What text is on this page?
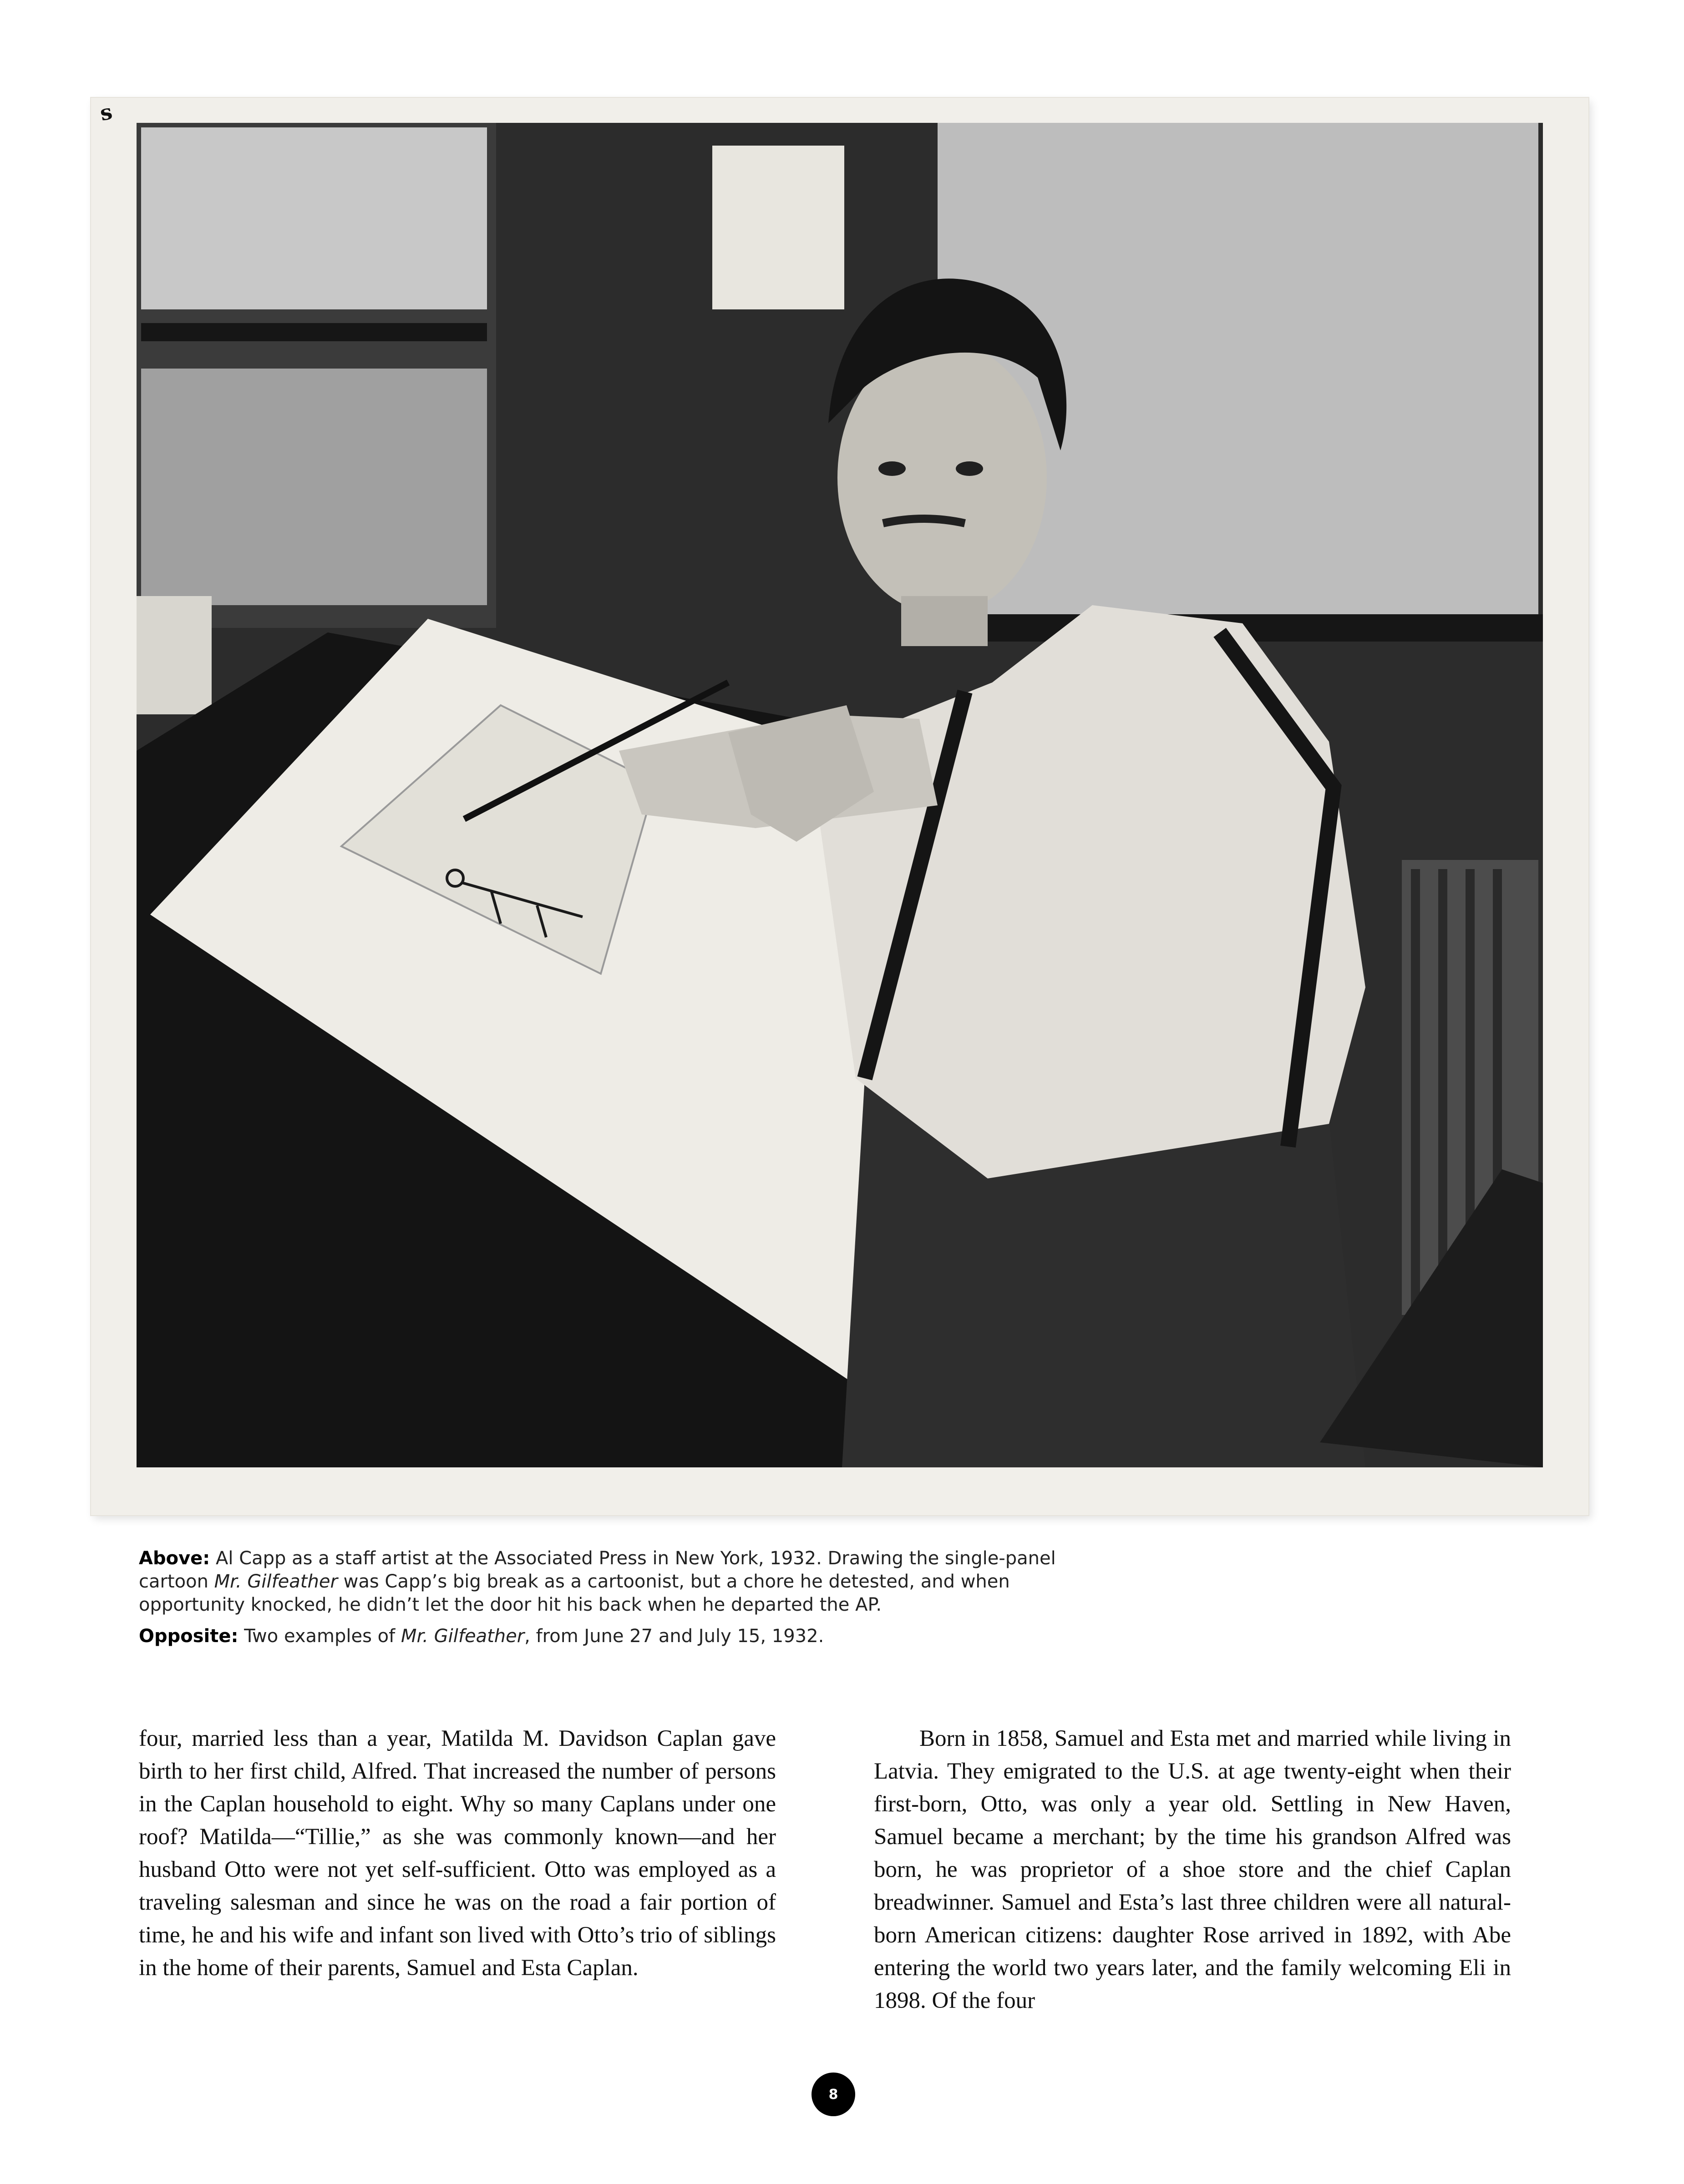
s

Above: Al Capp as a staff artist at the Associated Press in New York, 1932. Drawing the single-panel cartoon Mr. Gilfeather was Capp’s big break as a cartoonist, but a chore he detested, and when opportunity knocked, he didn’t let the door hit his back when he departed the AP.

Opposite: Two examples of Mr. Gilfeather, from June 27 and July 15, 1932.

four, married less than a year, Matilda M. Davidson Caplan gave birth to her first child, Alfred. That increased the number of persons in the Caplan household to eight. Why so many Caplans under one roof? Matilda—“Tillie,” as she was commonly known—and her husband Otto were not yet self-sufficient. Otto was employed as a traveling salesman and since he was on the road a fair portion of time, he and his wife and infant son lived with Otto’s trio of siblings in the home of their parents, Samuel and Esta Caplan.

Born in 1858, Samuel and Esta met and married while living in Latvia. They emigrated to the U.S. at age twenty-eight when their first-born, Otto, was only a year old. Settling in New Haven, Samuel became a merchant; by the time his grandson Alfred was born, he was proprietor of a shoe store and the chief Caplan breadwinner. Samuel and Esta’s last three children were all natural-born American citizens: daughter Rose arrived in 1892, with Abe entering the world two years later, and the family welcoming Eli in 1898. Of the four

8
